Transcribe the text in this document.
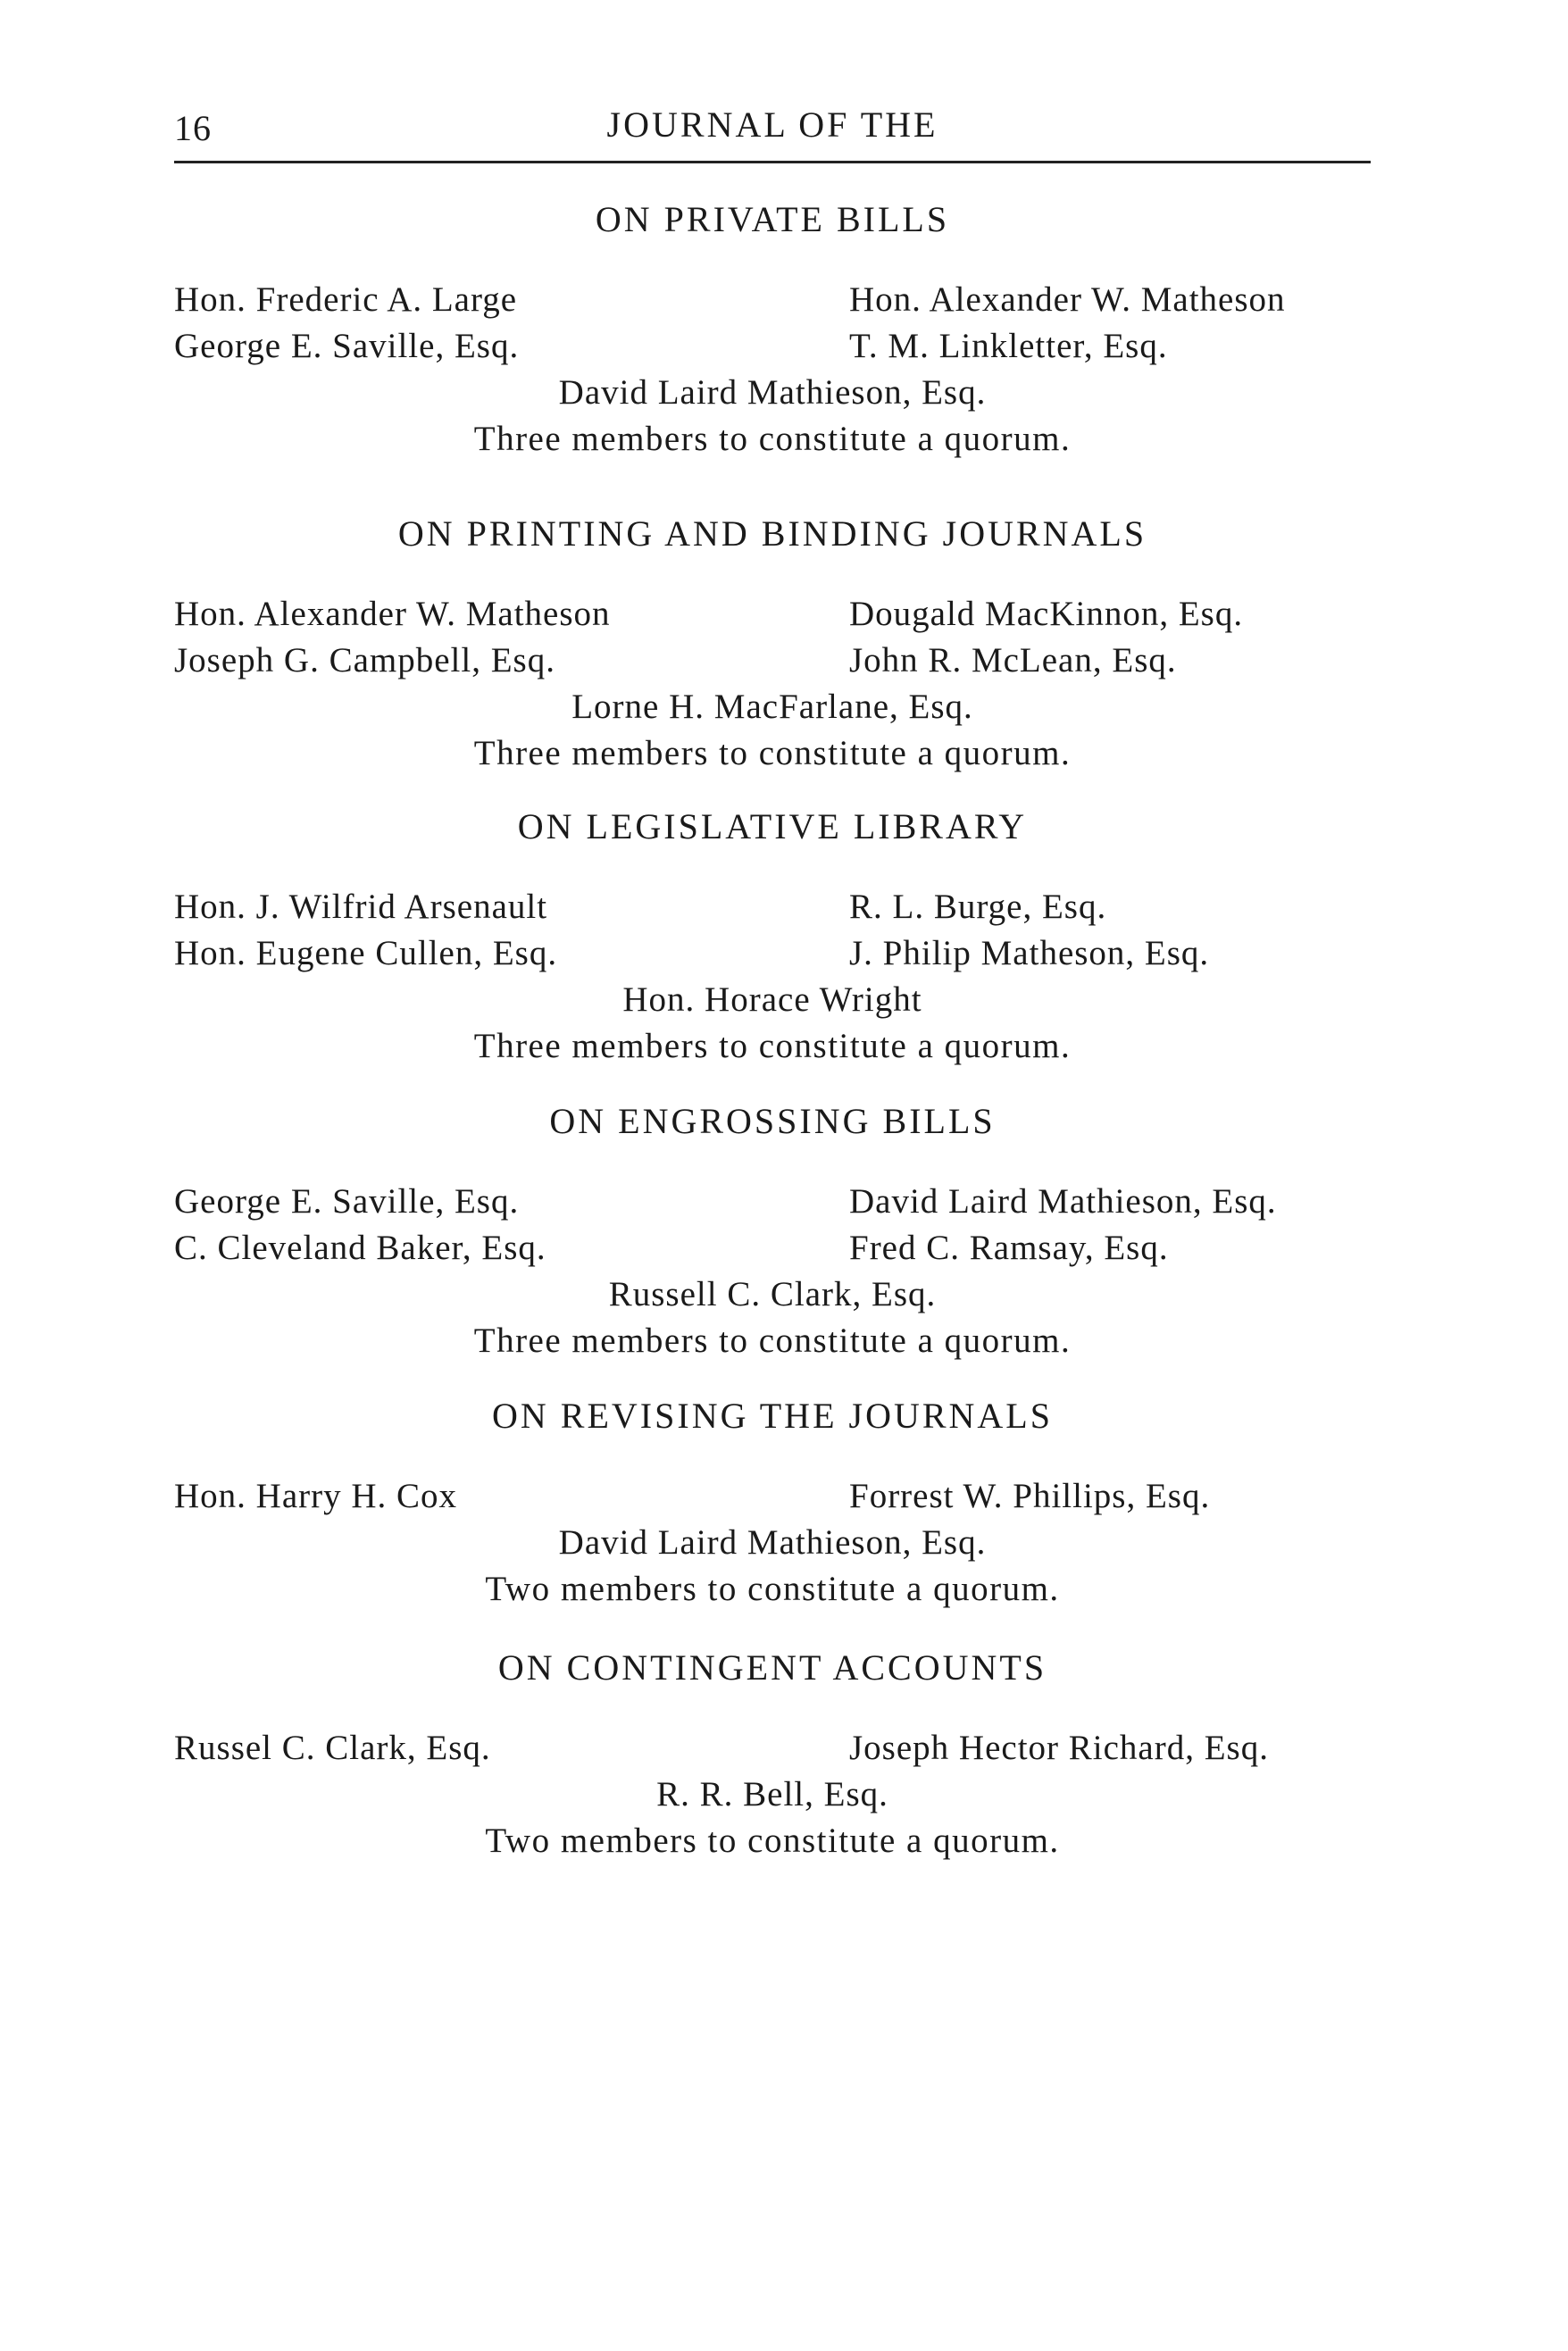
16	JOURNAL OF THE
ON PRIVATE BILLS
Hon. Frederic A. Large	Hon. Alexander W. Matheson
George E. Saville, Esq.	T. M. Linkletter, Esq.
David Laird Mathieson, Esq.
Three members to constitute a quorum.
ON PRINTING AND BINDING JOURNALS
Hon. Alexander W. Matheson	Dougald MacKinnon, Esq.
Joseph G. Campbell, Esq.	John R. McLean, Esq.
Lorne H. MacFarlane, Esq.
Three members to constitute a quorum.
ON LEGISLATIVE LIBRARY
Hon. J. Wilfrid Arsenault	R. L. Burge, Esq.
Hon. Eugene Cullen, Esq.	J. Philip Matheson, Esq.
Hon. Horace Wright
Three members to constitute a quorum.
ON ENGROSSING BILLS
George E. Saville, Esq.	David Laird Mathieson, Esq.
C. Cleveland Baker, Esq.	Fred C. Ramsay, Esq.
Russell C. Clark, Esq.
Three members to constitute a quorum.
ON REVISING THE JOURNALS
Hon. Harry H. Cox	Forrest W. Phillips, Esq.
David Laird Mathieson, Esq.
Two members to constitute a quorum.
ON CONTINGENT ACCOUNTS
Russel C. Clark, Esq.	Joseph Hector Richard, Esq.
R. R. Bell, Esq.
Two members to constitute a quorum.
